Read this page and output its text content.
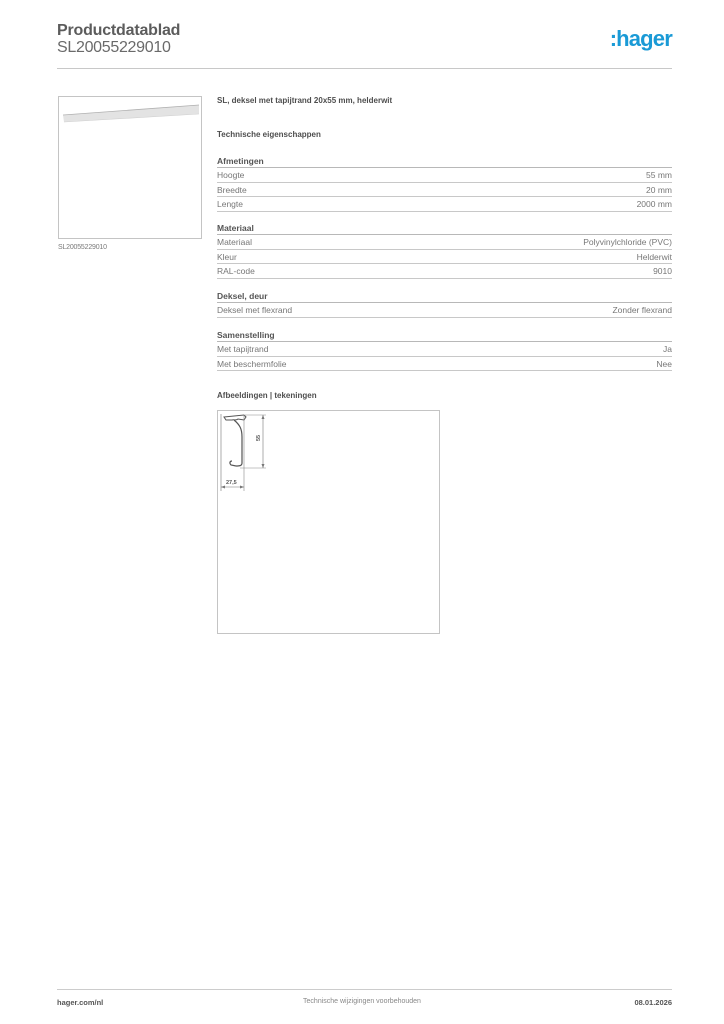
Productdatablad
SL20055229010	:hager
SL20055229010
SL, deksel met tapijtrand 20x55 mm, helderwit
Technische eigenschappen
Afmetingen
Hoogte	55 mm
Breedte	20 mm
Lengte	2000 mm
Materiaal
Materiaal	Polyvinylchloride (PVC)
Kleur	Helderwit
RAL-code	9010
Deksel, deur
Deksel met flexrand	Zonder flexrand
Samenstelling
Met tapijtrand	Ja
Met beschermfolie	Nee
Afbeeldingen | tekeningen
55
27,5
hager.com/nl	Technische wijzigingen voorbehouden	08.01.2026
